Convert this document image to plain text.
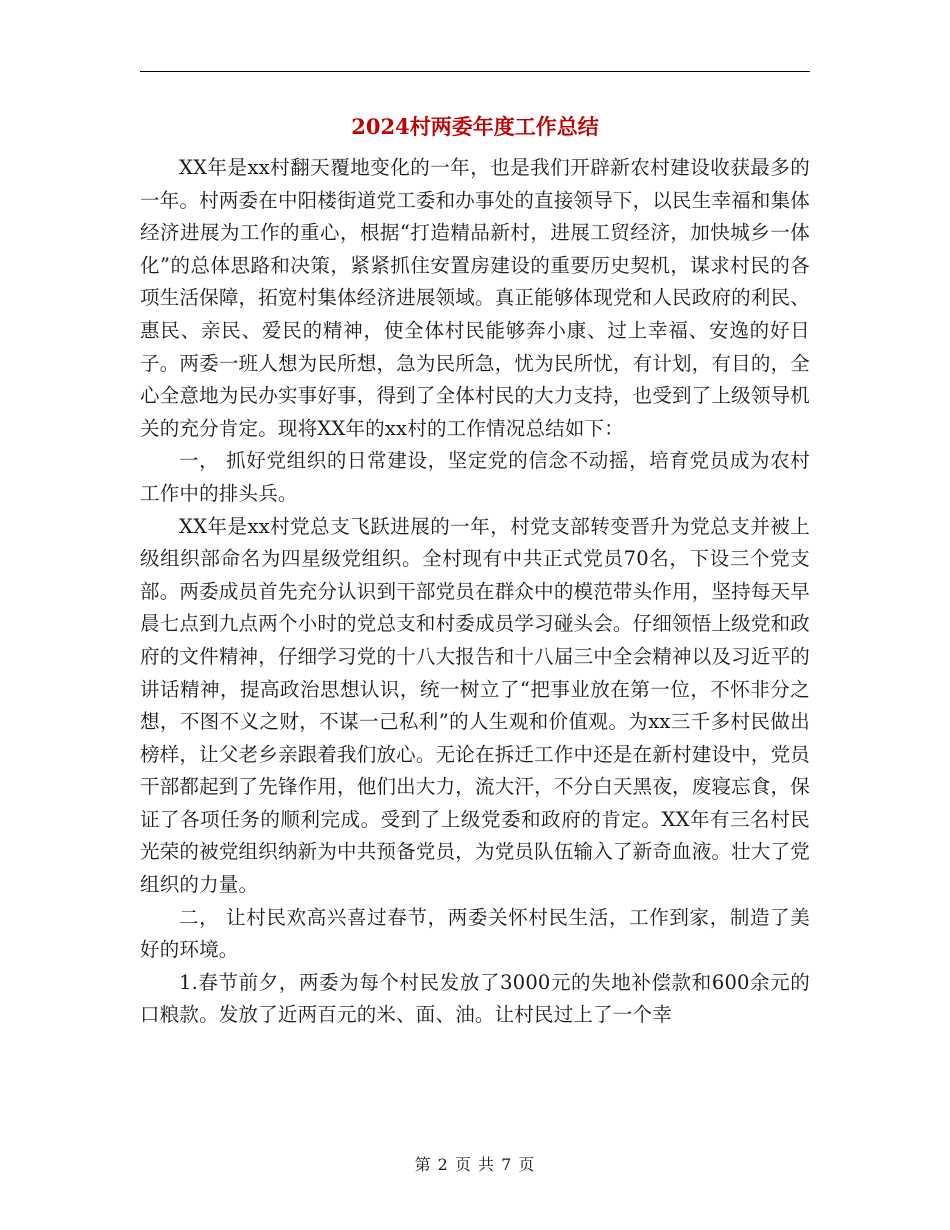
2024村两委年度工作总结

XX年是xx村翻天覆地变化的一年，也是我们开辟新农村建设收获最多的一年。村两委在中阳楼街道党工委和办事处的直接领导下，以民生幸福和集体经济进展为工作的重心，根据“打造精品新村，进展工贸经济，加快城乡一体化”的总体思路和决策，紧紧抓住安置房建设的重要历史契机，谋求村民的各项生活保障，拓宽村集体经济进展领域。真正能够体现党和人民政府的利民、惠民、亲民、爱民的精神，使全体村民能够奔小康、过上幸福、安逸的好日子。两委一班人想为民所想，急为民所急，忧为民所忧，有计划，有目的，全心全意地为民办实事好事，得到了全体村民的大力支持，也受到了上级领导机关的充分肯定。现将XX年的xx村的工作情况总结如下：

一， 抓好党组织的日常建设，坚定党的信念不动摇，培育党员成为农村工作中的排头兵。

XX年是xx村党总支飞跃进展的一年，村党支部转变晋升为党总支并被上级组织部命名为四星级党组织。全村现有中共正式党员70名，下设三个党支部。两委成员首先充分认识到干部党员在群众中的模范带头作用，坚持每天早晨七点到九点两个小时的党总支和村委成员学习碰头会。仔细领悟上级党和政府的文件精神，仔细学习党的十八大报告和十八届三中全会精神以及习近平的讲话精神，提高政治思想认识，统一树立了“把事业放在第一位，不怀非分之想，不图不义之财，不谋一己私利”的人生观和价值观。为xx三千多村民做出榜样，让父老乡亲跟着我们放心。无论在拆迁工作中还是在新村建设中，党员干部都起到了先锋作用，他们出大力，流大汗，不分白天黑夜，废寝忘食，保证了各项任务的顺利完成。受到了上级党委和政府的肯定。XX年有三名村民光荣的被党组织纳新为中共预备党员，为党员队伍输入了新奇血液。壮大了党组织的力量。

二， 让村民欢高兴喜过春节，两委关怀村民生活，工作到家，制造了美好的环境。

1.春节前夕，两委为每个村民发放了3000元的失地补偿款和600余元的口粮款。发放了近两百元的米、面、油。让村民过上了一个幸

第 2 页 共 7 页
